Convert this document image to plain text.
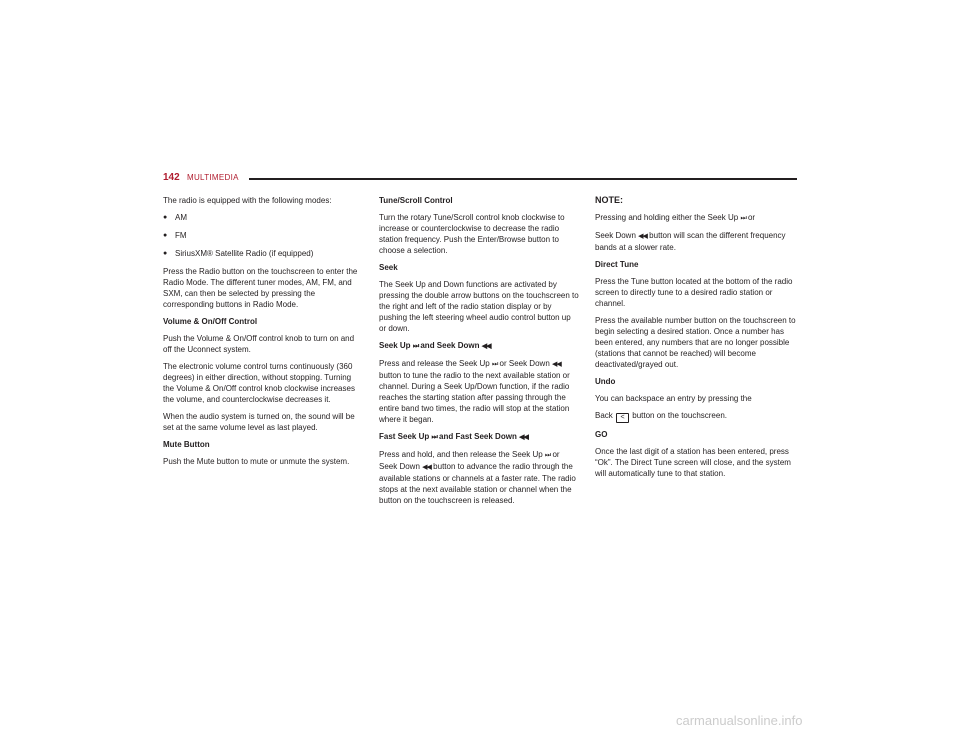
142 MULTIMEDIA

The radio is equipped with the following modes:

● AM
● FM
● SiriusXM® Satellite Radio (if equipped)

Press the Radio button on the touchscreen to enter the Radio Mode. The different tuner modes, AM, FM, and SXM, can then be selected by pressing the corresponding buttons in Radio Mode.

Volume & On/Off Control

Push the Volume & On/Off control knob to turn on and off the Uconnect system.

The electronic volume control turns continuously (360 degrees) in either direction, without stopping. Turning the Volume & On/Off control knob clockwise increases the volume, and counterclockwise decreases it.

When the audio system is turned on, the sound will be set at the same volume level as last played.

Mute Button

Push the Mute button to mute or unmute the system.

Tune/Scroll Control

Turn the rotary Tune/Scroll control knob clockwise to increase or counterclockwise to decrease the radio station frequency. Push the Enter/Browse button to choose a selection.

Seek

The Seek Up and Down functions are activated by pressing the double arrow buttons on the touchscreen to the right and left of the radio station display or by pushing the left steering wheel audio control button up or down.

Seek Up ⏭ and Seek Down ◀◀

Press and release the Seek Up ⏭ or Seek Down ◀◀ button to tune the radio to the next available station or channel. During a Seek Up/Down function, if the radio reaches the starting station after passing through the entire band two times, the radio will stop at the station where it began.

Fast Seek Up ⏭ and Fast Seek Down ◀◀

Press and hold, and then release the Seek Up ⏭ or Seek Down ◀◀ button to advance the radio through the available stations or channels at a faster rate. The radio stops at the next available station or channel when the button on the touchscreen is released.

NOTE:

Pressing and holding either the Seek Up ⏭ or

Seek Down ◀◀ button will scan the different frequency bands at a slower rate.

Direct Tune

Press the Tune button located at the bottom of the radio screen to directly tune to a desired radio station or channel.

Press the available number button on the touchscreen to begin selecting a desired station. Once a number has been entered, any numbers that are no longer possible (stations that cannot be reached) will become deactivated/grayed out.

Undo

You can backspace an entry by pressing the

Back < button on the touchscreen.

GO

Once the last digit of a station has been entered, press “Ok”. The Direct Tune screen will close, and the system will automatically tune to that station.

carmanualsonline.info
